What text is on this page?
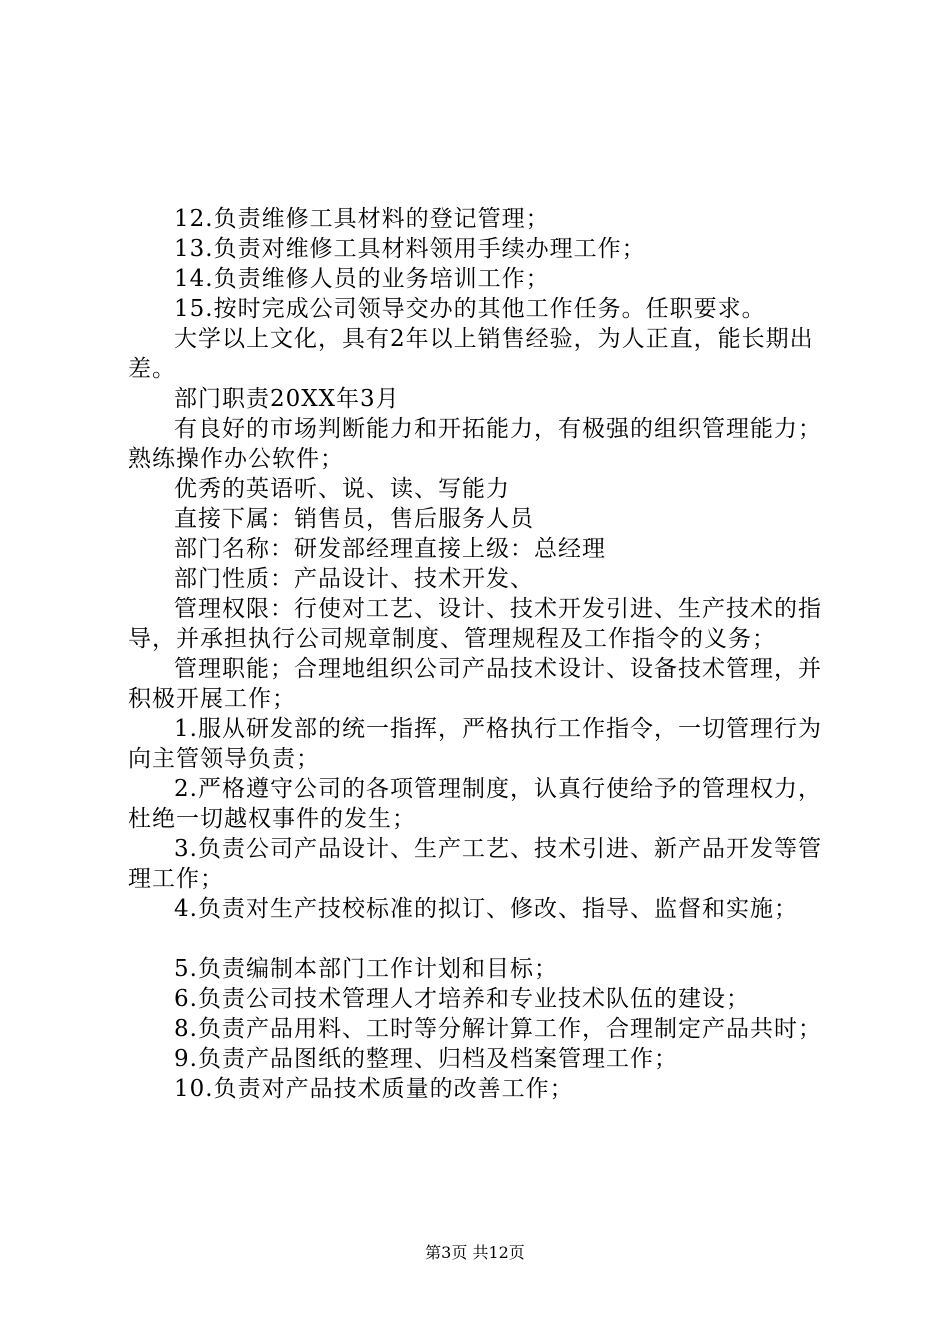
12.负责维修工具材料的登记管理；

13.负责对维修工具材料领用手续办理工作；

14.负责维修人员的业务培训工作；

15.按时完成公司领导交办的其他工作任务。任职要求。

大学以上文化，具有2年以上销售经验，为人正直，能长期出差。

部门职责20XX年3月

有良好的市场判断能力和开拓能力，有极强的组织管理能力；熟练操作办公软件；

优秀的英语听、说、读、写能力

直接下属：销售员，售后服务人员

部门名称：研发部经理直接上级：总经理

部门性质：产品设计、技术开发、

管理权限：行使对工艺、设计、技术开发引进、生产技术的指导，并承担执行公司规章制度、管理规程及工作指令的义务；

管理职能；合理地组织公司产品技术设计、设备技术管理，并积极开展工作；

1.服从研发部的统一指挥，严格执行工作指令，一切管理行为向主管领导负责；

2.严格遵守公司的各项管理制度，认真行使给予的管理权力，杜绝一切越权事件的发生；

3.负责公司产品设计、生产工艺、技术引进、新产品开发等管理工作；

4.负责对生产技校标准的拟订、修改、指导、监督和实施；

5.负责编制本部门工作计划和目标；

6.负责公司技术管理人才培养和专业技术队伍的建设；

8.负责产品用料、工时等分解计算工作，合理制定产品共时；

9.负责产品图纸的整理、归档及档案管理工作；

10.负责对产品技术质量的改善工作；

第3页 共12页
